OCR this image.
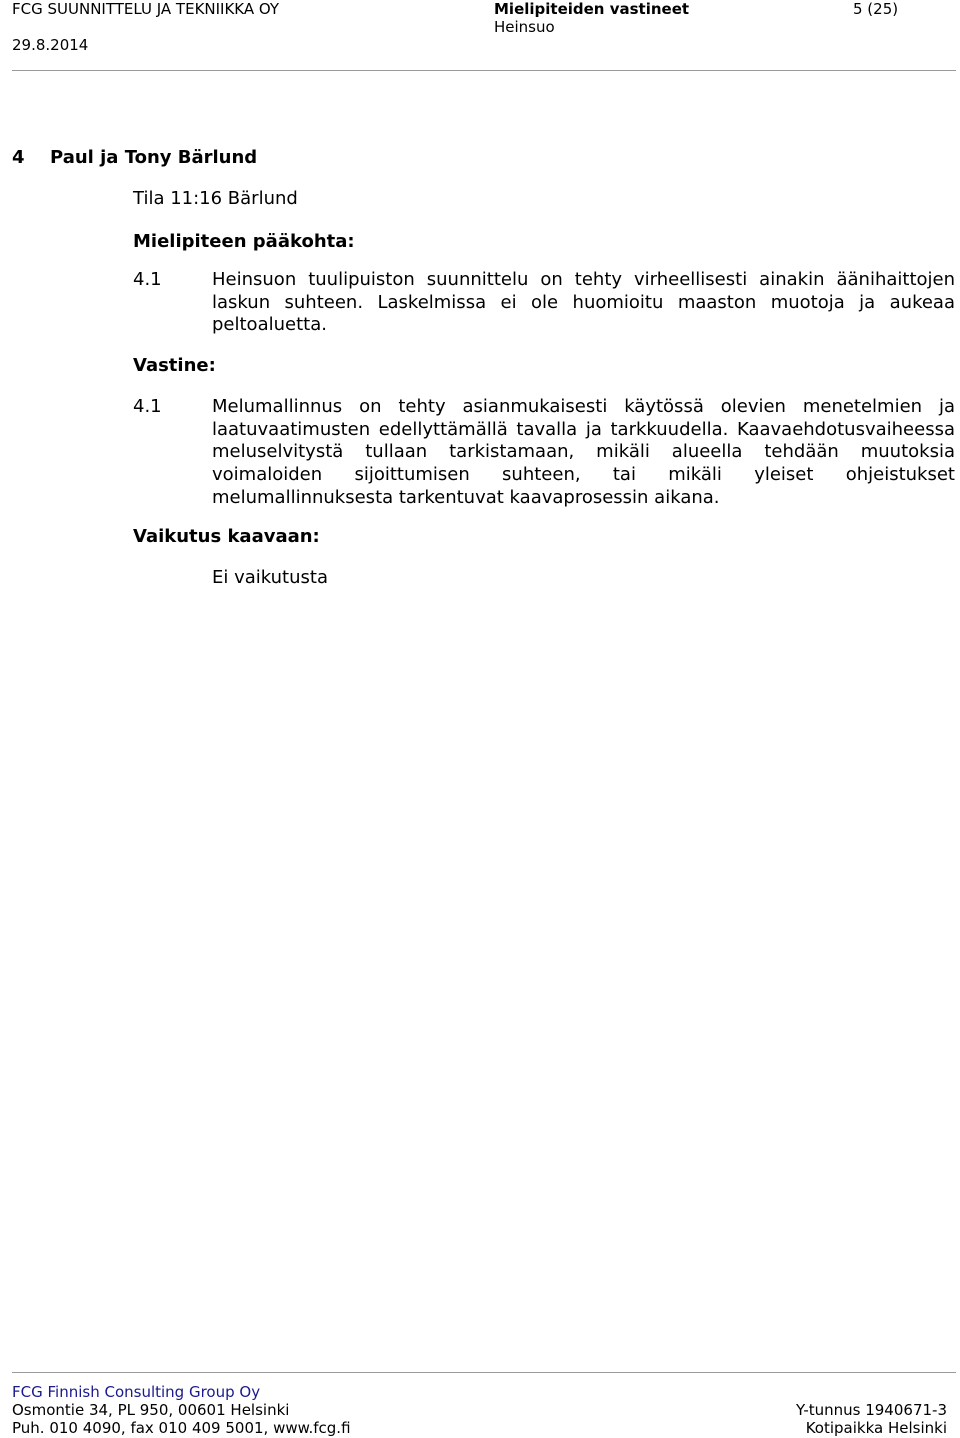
FCG SUUNNITTELU JA TEKNIIKKA OY
29.8.2014
Mielipiteiden vastineet
Heinsuo
5 (25)
4 Paul ja Tony Bärlund
Tila 11:16 Bärlund
Mielipiteen pääkohta:
4.1	Heinsuon tuulipuiston suunnittelu on tehty virheellisesti ainakin äänihaittojen laskun suhteen. Laskelmissa ei ole huomioitu maaston muotoja ja aukeaa peltoaluetta.
Vastine:
4.1	Melumallinnus on tehty asianmukaisesti käytössä olevien menetelmien ja laatuvaatimusten edellyttämällä tavalla ja tarkkuudella. Kaavaehdotusvaiheessa meluselvitystä tullaan tarkistamaan, mikäli alueella tehdään muutoksia voimaloiden sijoittumisen suhteen, tai mikäli yleiset ohjeistukset melumallinnuksesta tarkentuvat kaavaprosessin aikana.
Vaikutus kaavaan:
Ei vaikutusta
FCG Finnish Consulting Group Oy
Osmontie 34, PL 950, 00601 Helsinki
Puh. 010 4090, fax 010 409 5001, www.fcg.fi
Y-tunnus 1940671-3
Kotipaikka Helsinki
